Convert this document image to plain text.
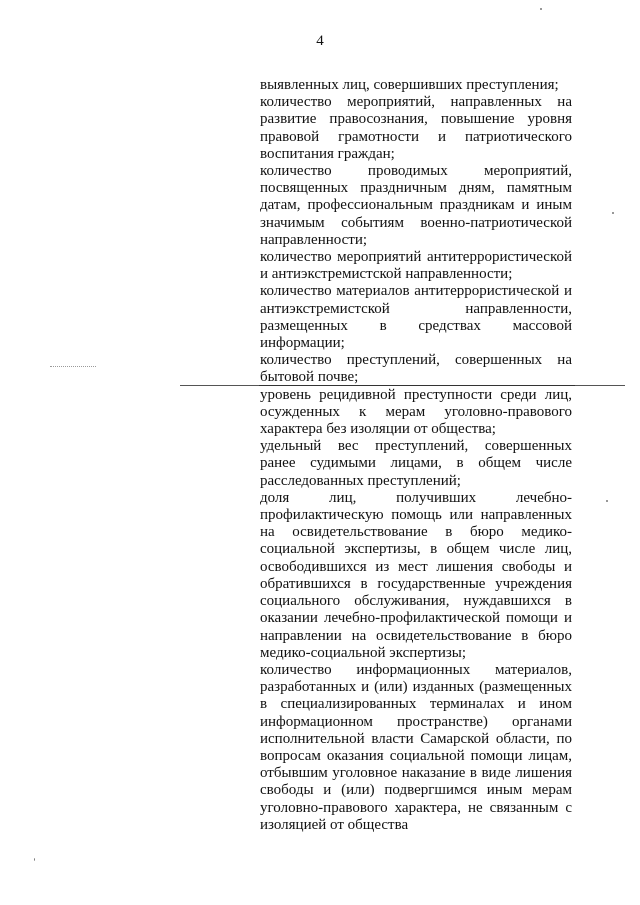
4

выявленных лиц, совершивших преступления;

количество мероприятий, направленных на развитие правосознания, повышение уровня правовой грамотности и патриотического воспитания граждан;

количество проводимых мероприятий, посвященных праздничным дням, памятным датам, профессиональным праздникам и иным значимым событиям военно-патриотической направленности;

количество мероприятий антитеррористической и антиэкстремистской направленности;

количество материалов антитеррористической и антиэкстремистской направленности, размещенных в средствах массовой информации;

количество преступлений, совершенных на бытовой почве;

уровень рецидивной преступности среди лиц, осужденных к мерам уголовно-правового характера без изоляции от общества;

удельный вес преступлений, совершенных ранее судимыми лицами, в общем числе расследованных преступлений;

доля лиц, получивших лечебно-профилактическую помощь или направленных на освидетельствование в бюро медико-социальной экспертизы, в общем числе лиц, освободившихся из мест лишения свободы и обратившихся в государственные учреждения социального обслуживания, нуждавшихся в оказании лечебно-профилактической помощи и направлении на освидетельствование в бюро медико-социальной экспертизы;

количество информационных материалов, разработанных и (или) изданных (размещенных в специализированных терминалах и ином информационном пространстве) органами исполнительной власти Самарской области, по вопросам оказания социальной помощи лицам, отбывшим уголовное наказание в виде лишения свободы и (или) подвергшимся иным мерам уголовно-правового характера, не связанным с изоляцией от общества
